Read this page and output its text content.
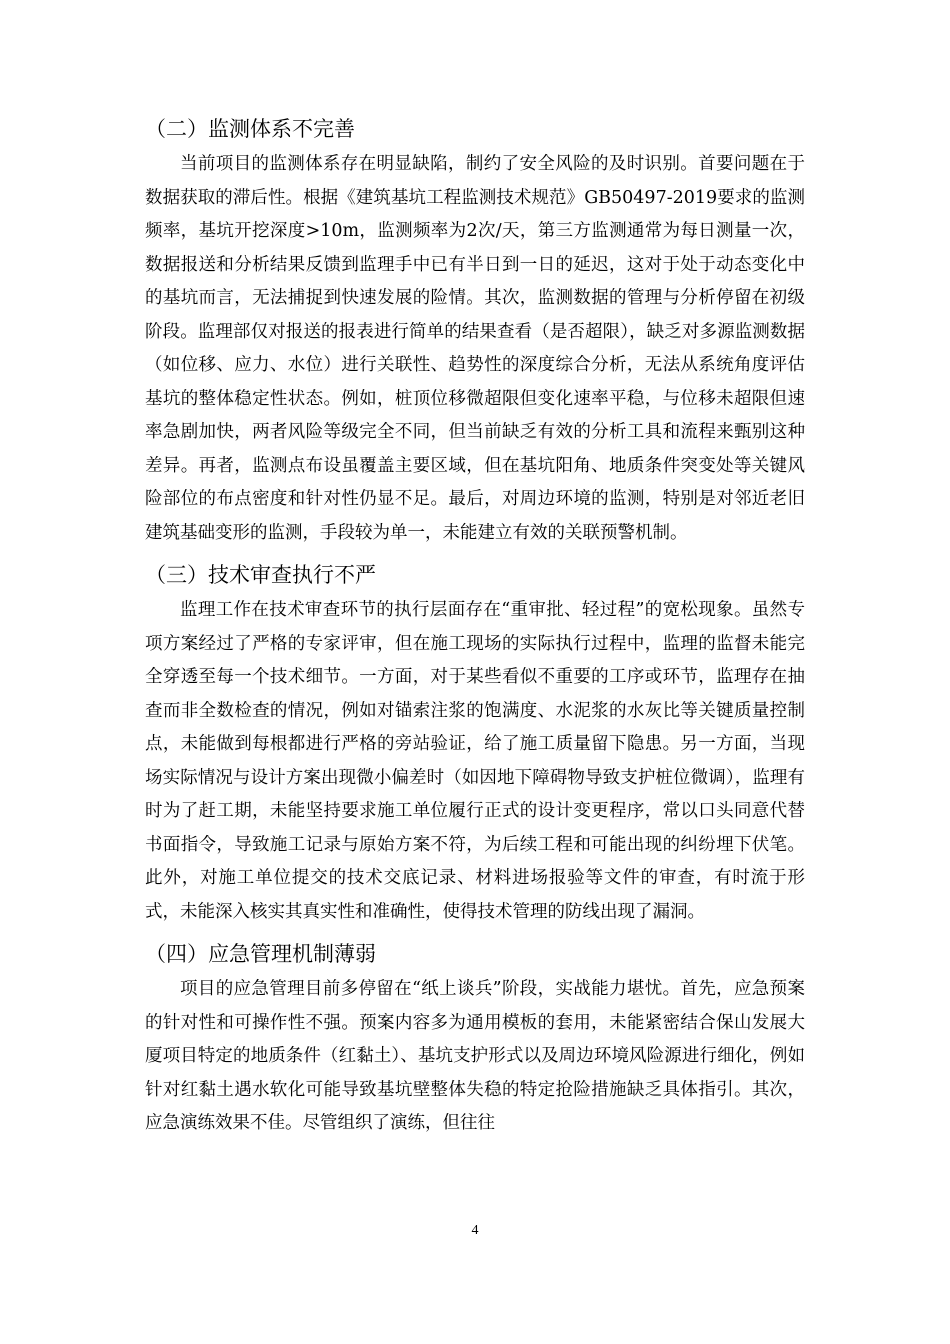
（二）监测体系不完善

当前项目的监测体系存在明显缺陷，制约了安全风险的及时识别。首要问题在于数据获取的滞后性。根据《建筑基坑工程监测技术规范》GB50497-2019要求的监测频率，基坑开挖深度>10m，监测频率为2次/天，第三方监测通常为每日测量一次，数据报送和分析结果反馈到监理手中已有半日到一日的延迟，这对于处于动态变化中的基坑而言，无法捕捉到快速发展的险情。其次，监测数据的管理与分析停留在初级阶段。监理部仅对报送的报表进行简单的结果查看（是否超限），缺乏对多源监测数据（如位移、应力、水位）进行关联性、趋势性的深度综合分析，无法从系统角度评估基坑的整体稳定性状态。例如，桩顶位移微超限但变化速率平稳，与位移未超限但速率急剧加快，两者风险等级完全不同，但当前缺乏有效的分析工具和流程来甄别这种差异。再者，监测点布设虽覆盖主要区域，但在基坑阳角、地质条件突变处等关键风险部位的布点密度和针对性仍显不足。最后，对周边环境的监测，特别是对邻近老旧建筑基础变形的监测，手段较为单一，未能建立有效的关联预警机制。

（三）技术审查执行不严

监理工作在技术审查环节的执行层面存在“重审批、轻过程”的宽松现象。虽然专项方案经过了严格的专家评审，但在施工现场的实际执行过程中，监理的监督未能完全穿透至每一个技术细节。一方面，对于某些看似不重要的工序或环节，监理存在抽查而非全数检查的情况，例如对锚索注浆的饱满度、水泥浆的水灰比等关键质量控制点，未能做到每根都进行严格的旁站验证，给了施工质量留下隐患。另一方面，当现场实际情况与设计方案出现微小偏差时（如因地下障碍物导致支护桩位微调），监理有时为了赶工期，未能坚持要求施工单位履行正式的设计变更程序，常以口头同意代替书面指令，导致施工记录与原始方案不符，为后续工程和可能出现的纠纷埋下伏笔。此外，对施工单位提交的技术交底记录、材料进场报验等文件的审查，有时流于形式，未能深入核实其真实性和准确性，使得技术管理的防线出现了漏洞。

（四）应急管理机制薄弱

项目的应急管理目前多停留在“纸上谈兵”阶段，实战能力堪忧。首先，应急预案的针对性和可操作性不强。预案内容多为通用模板的套用，未能紧密结合保山发展大厦项目特定的地质条件（红黏土）、基坑支护形式以及周边环境风险源进行细化，例如针对红黏土遇水软化可能导致基坑壁整体失稳的特定抢险措施缺乏具体指引。其次，应急演练效果不佳。尽管组织了演练，但往往

4
